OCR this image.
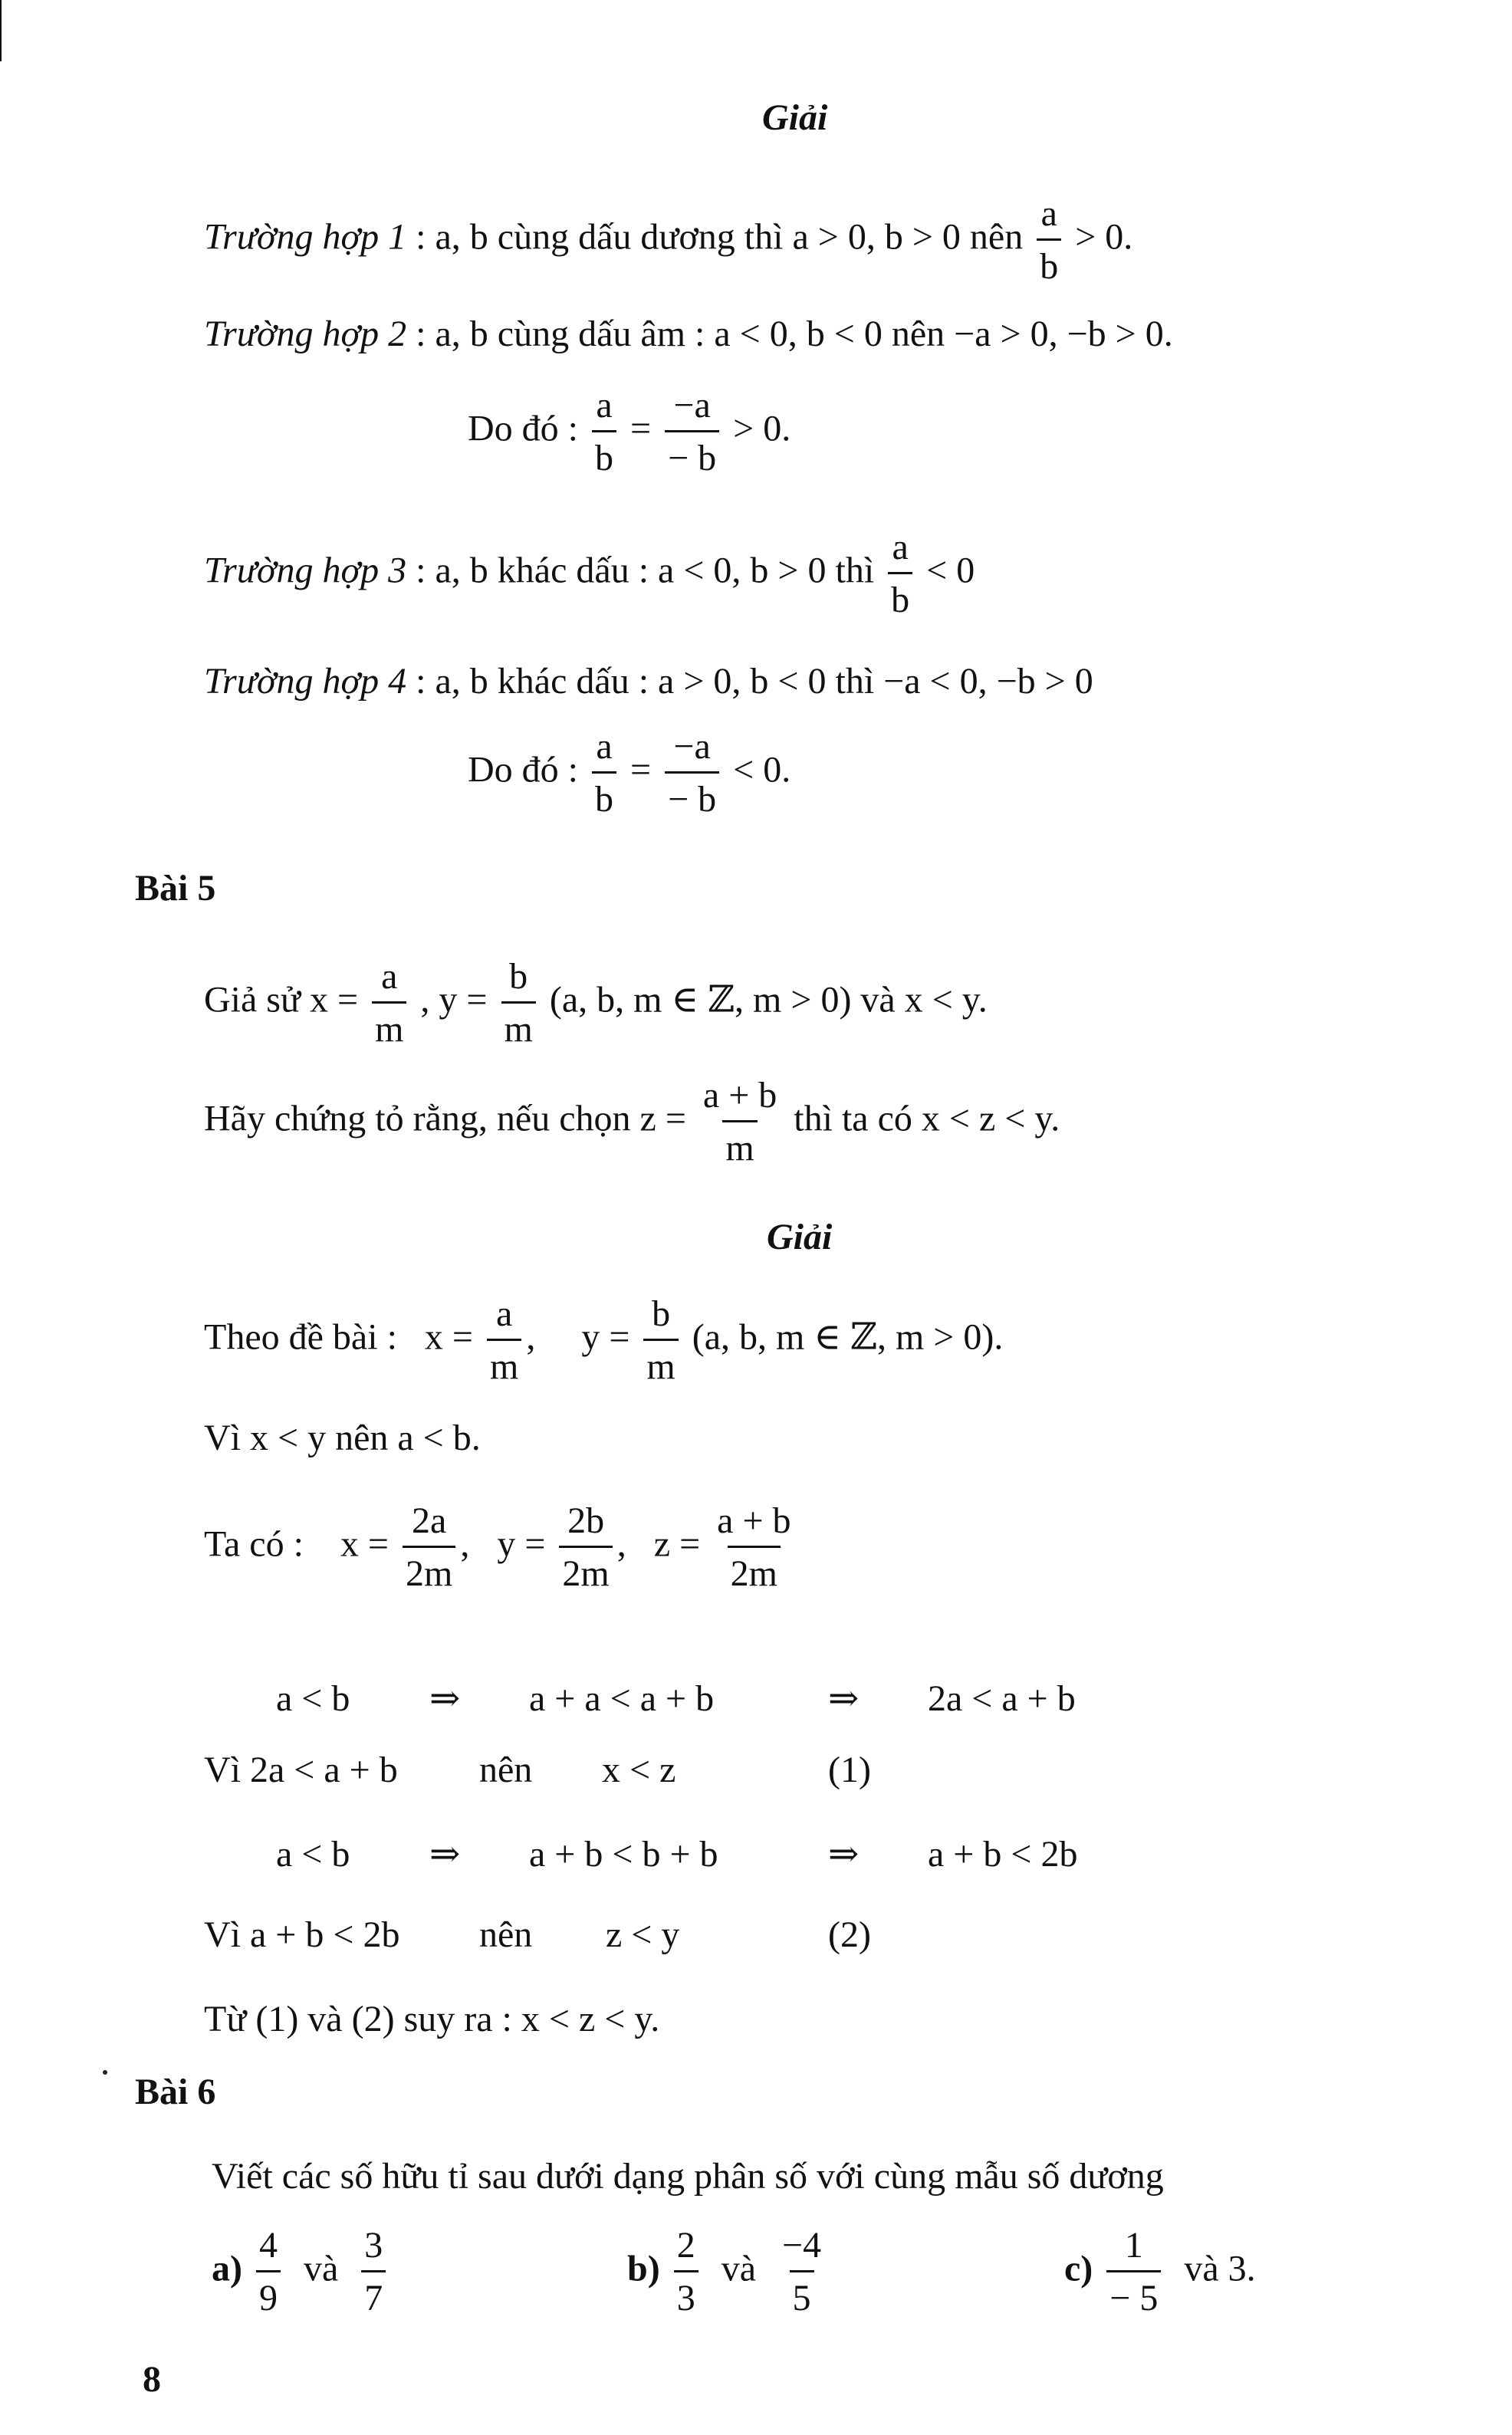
Giải
Trường hợp 1 : a, b cùng dấu dương thì a > 0, b > 0 nên $\frac{a}{b} > 0$.
Trường hợp 2 : a, b cùng dấu âm : a < 0, b < 0 nên −a > 0, −b > 0.
Do đó : $\frac{a}{b} = \frac{-a}{- b} > 0$.
Trường hợp 3 : a, b khác dấu : a < 0, b > 0 thì $\frac{a}{b} < 0$
Trường hợp 4 : a, b khác dấu : a > 0, b < 0 thì −a < 0, −b > 0
Do đó : $\frac{a}{b} = \frac{-a}{- b} < 0$.
Bài 5
Giả sử $x = \frac{a}{m}$ , $y = \frac{b}{m} (a$, b, m ∈ ℤ, m > 0) và x < y.
Hãy chứng tỏ rằng, nếu chọn $z = \frac{a + b}{m}$ thì ta có x < z < y.
Giải
Theo đề bài : $x = \frac{a}{m}$ , $y = \frac{b}{m} (a$, b, m ∈ ℤ, m > 0).
Vì x < y nên a < b.
Ta có : $x = \frac{2a}{2m}$ , $y = \frac{2b}{2m}$ , $z = \frac{a + b}{2m}$
a < b ⇒ a + a < a + b	⇒ 2a < a + b
Vì 2a < a + b nên x < z	(1)
a < b ⇒ a + b < b + b	⇒ a + b < 2b
Vì a + b < 2b nên z < y	(2)
Từ (1) và (2) suy ra : x < z < y.
Bài 6
Viết các số hữu tỉ sau dưới dạng phân số với cùng mẫu số dương
$a) \frac{4}{9}$ và $\frac{3}{7}$	$b) \frac{2}{3}$ và $\frac{-4}{5}$	$c) \frac{1}{- 5}$ và 3.
8
